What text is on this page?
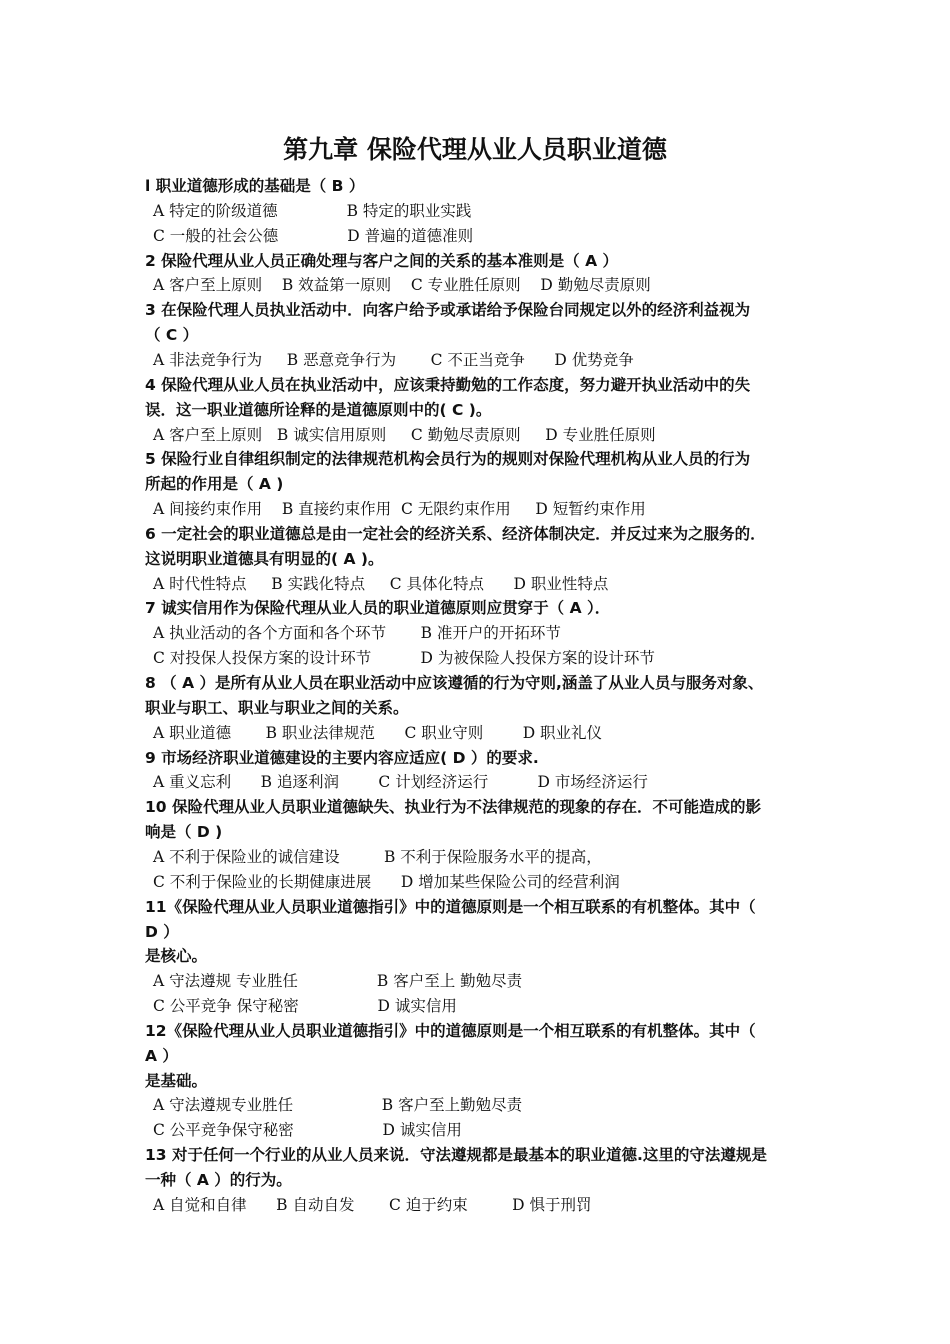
第九章 保险代理从业人员职业道德
l 职业道德形成的基础是（ B ）
A 特定的阶级道德              B 特定的职业实践
C 一般的社会公德              D 普遍的道德准则
2 保险代理从业人员正确处理与客户之间的关系的基本准则是（ A ）
A 客户至上原则    B 效益第一原则    C 专业胜任原则    D 勤勉尽责原则
3 在保险代理人员执业活动中．向客户给予或承诺给予保险台同规定以外的经济利益视为
（ C ）
A 非法竞争行为     B 恶意竞争行为       C 不正当竞争      D 优势竞争
4 保险代理从业人员在执业活动中，应该秉持勤勉的工作态度，努力避开执业活动中的失
误．这一职业道德所诠释的是道德原则中的( C )。
A 客户至上原则   B 诚实信用原则     C 勤勉尽责原则     D 专业胜任原则
5 保险行业自律组织制定的法律规范机构会员行为的规则对保险代理机构从业人员的行为
所起的作用是（ A )
A 间接约束作用    B 直接约束作用  C 无限约束作用     D 短暂约束作用
6 一定社会的职业道德总是由一定社会的经济关系、经济体制决定．并反过来为之服务的．
这说明职业道德具有明显的( A )。
A 时代性特点     B 实践化特点     C 具体化特点      D 职业性特点
7 诚实信用作为保险代理从业人员的职业道德原则应贯穿于（ A ）．
A 执业活动的各个方面和各个环节       B 准开户的开拓环节
C 对投保人投保方案的设计环节          D 为被保险人投保方案的设计环节
8 （ A ）是所有从业人员在职业活动中应该遵循的行为守则,涵盖了从业人员与服务对象、
职业与职工、职业与职业之间的关系。
A 职业道德       B 职业法律规范      C 职业守则        D 职业礼仪
9 市场经济职业道德建设的主要内容应适应( D ）的要求.
A 重义忘利      B 追逐利润        C 计划经济运行          D 市场经济运行
10 保险代理从业人员职业道德缺失、执业行为不法律规范的现象的存在．不可能造成的影
响是（ D )
A 不利于保险业的诚信建设         B 不利于保险服务水平的提高，
C 不利于保险业的长期健康进展      D 增加某些保险公司的经营利润
11《保险代理从业人员职业道德指引》中的道德原则是一个相互联系的有机整体。其中（
D ）
是核心。
A 守法遵规 专业胜任                B 客户至上 勤勉尽责
C 公平竞争 保守秘密                D 诚实信用
12《保险代理从业人员职业道德指引》中的道德原则是一个相互联系的有机整体。其中（
A ）
是基础。
A 守法遵规专业胜任                  B 客户至上勤勉尽责
C 公平竞争保守秘密                  D 诚实信用
13 对于任何一个行业的从业人员来说．守法遵规都是最基本的职业道德.这里的守法遵规是
一种（ A ）的行为。
A 自觉和自律      B 自动自发       C 迫于约束         D 惧于刑罚
